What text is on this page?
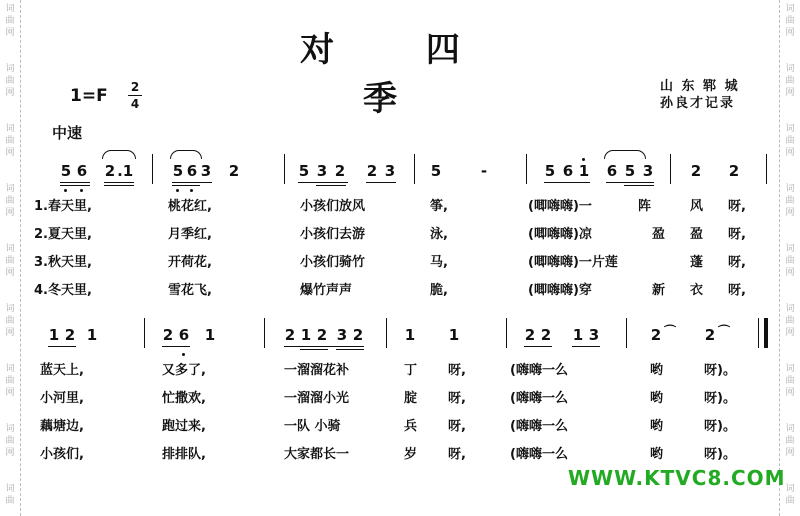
词
曲
网
词
曲
网
词
曲
网
词
曲
网
词
曲
网
词
曲
网
词
曲
网
词
曲
网
词
曲
词
曲
网
词
曲
网
词
曲
网
词
曲
网
词
曲
网
词
曲
网
词
曲
网
词
曲
网
词
曲
对 四 季
1=F 2
4
山 东 郓 城
孙良才记录
中速
5 6 2 . 1	5 6 3 2	5 3 2 2 3 5	-	5 6 1 6 5 3	2 2
1.春天里,	桃花红,	小孩们放风	筝,	(唧嗨嗨)一	阵	风 呀,
2.夏天里,	月季红,	小孩们去游	泳,	(唧嗨嗨)凉	盈 盈 呀,
3.秋天里,	开荷花,	小孩们骑竹	马,	(唧嗨嗨)一片莲	蓬 呀,
4.冬天里,	雪花飞,	爆竹声声	脆,	(唧嗨嗨)穿	新 衣 呀,
1 2 1	2 6 1	2 1 2 3 2	1 1	2 2 1 3	2	2
⌒	⌒
蓝天上,	又多了,	一溜溜花补	丁 呀,	(嗨嗨一么	哟	呀)。
小河里,	忙撒欢,	一溜溜小光	腚 呀,	(嗨嗨一么	哟	呀)。
藕塘边,	跑过来,	一队 小骑	兵 呀,	(嗨嗨一么	哟	呀)。
小孩们,	排排队,	大家都长一	岁 呀,	(嗨嗨一么	哟	呀)。
WWW.KTVC8.COM
